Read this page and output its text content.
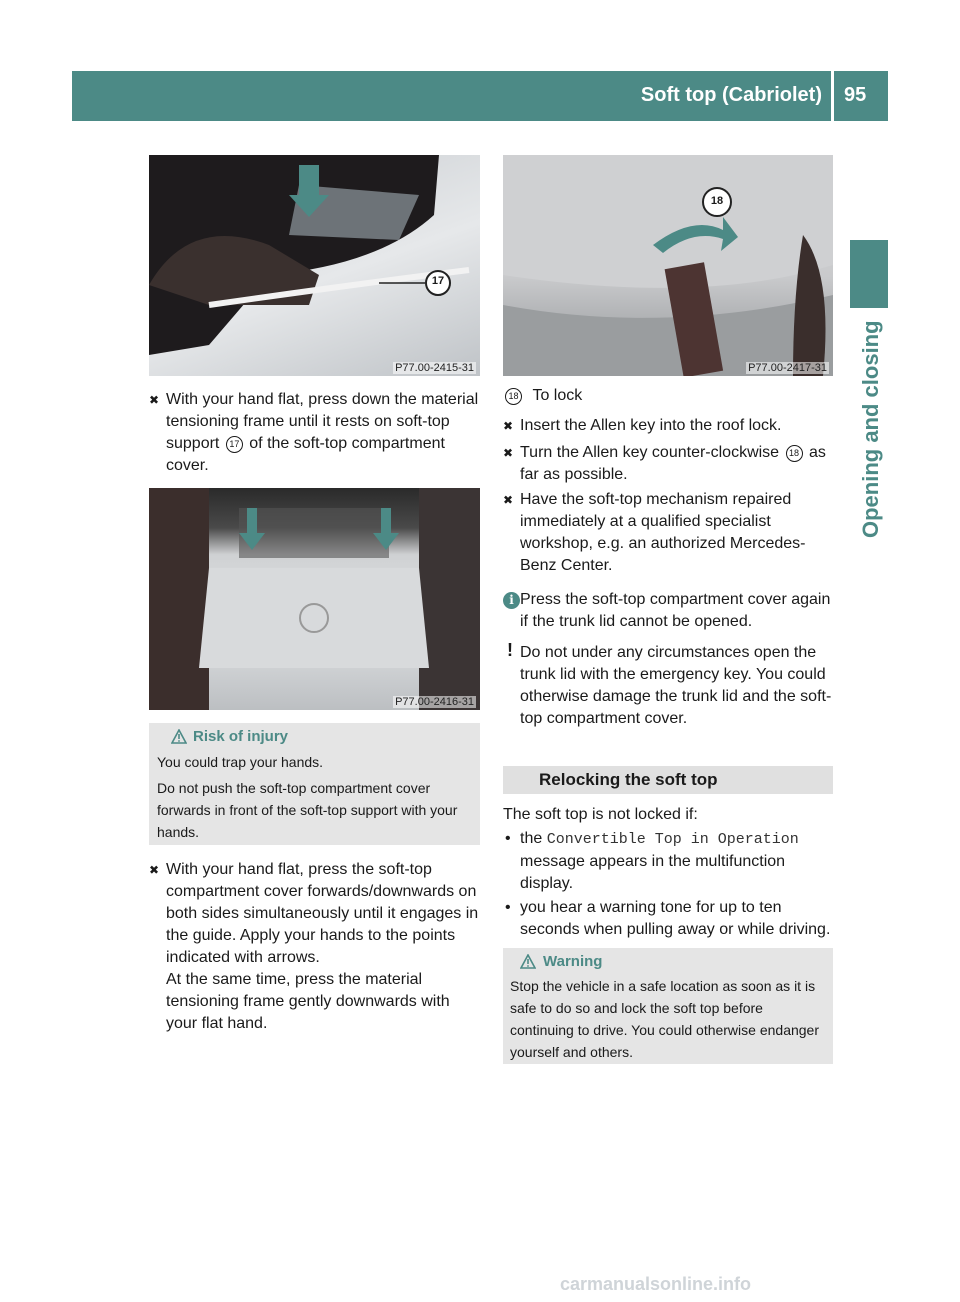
Soft top (Cabriolet) 95
Opening and closing
17
P77.00-2415-31
P77.00-2416-31
18
P77.00-2417-31
✖ With your hand flat, press down the material tensioning frame until it rests on soft-top support 17 of the soft-top compartment cover.
Risk of injury
You could trap your hands.
Do not push the soft-top compartment cover forwards in front of the soft-top support with your hands.
✖ With your hand flat, press the soft-top compartment cover forwards/downwards on both sides simultaneously until it engages in the guide. Apply your hands to the points indicated with arrows.
At the same time, press the material tensioning frame gently downwards with your flat hand.
18 To lock
✖ Insert the Allen key into the roof lock.
✖ Turn the Allen key counter-clockwise 18 as far as possible.
✖ Have the soft-top mechanism repaired immediately at a qualified specialist workshop, e.g. an authorized Mercedes-Benz Center.
i Press the soft-top compartment cover again if the trunk lid cannot be opened.
! Do not under any circumstances open the trunk lid with the emergency key. You could otherwise damage the trunk lid and the soft-top compartment cover.
Relocking the soft top
The soft top is not locked if:
• the Convertible Top in Operation message appears in the multifunction display.
• you hear a warning tone for up to ten seconds when pulling away or while driving.
Warning
Stop the vehicle in a safe location as soon as it is safe to do so and lock the soft top before continuing to drive. You could otherwise endanger yourself and others.
carmanualsonline.info
